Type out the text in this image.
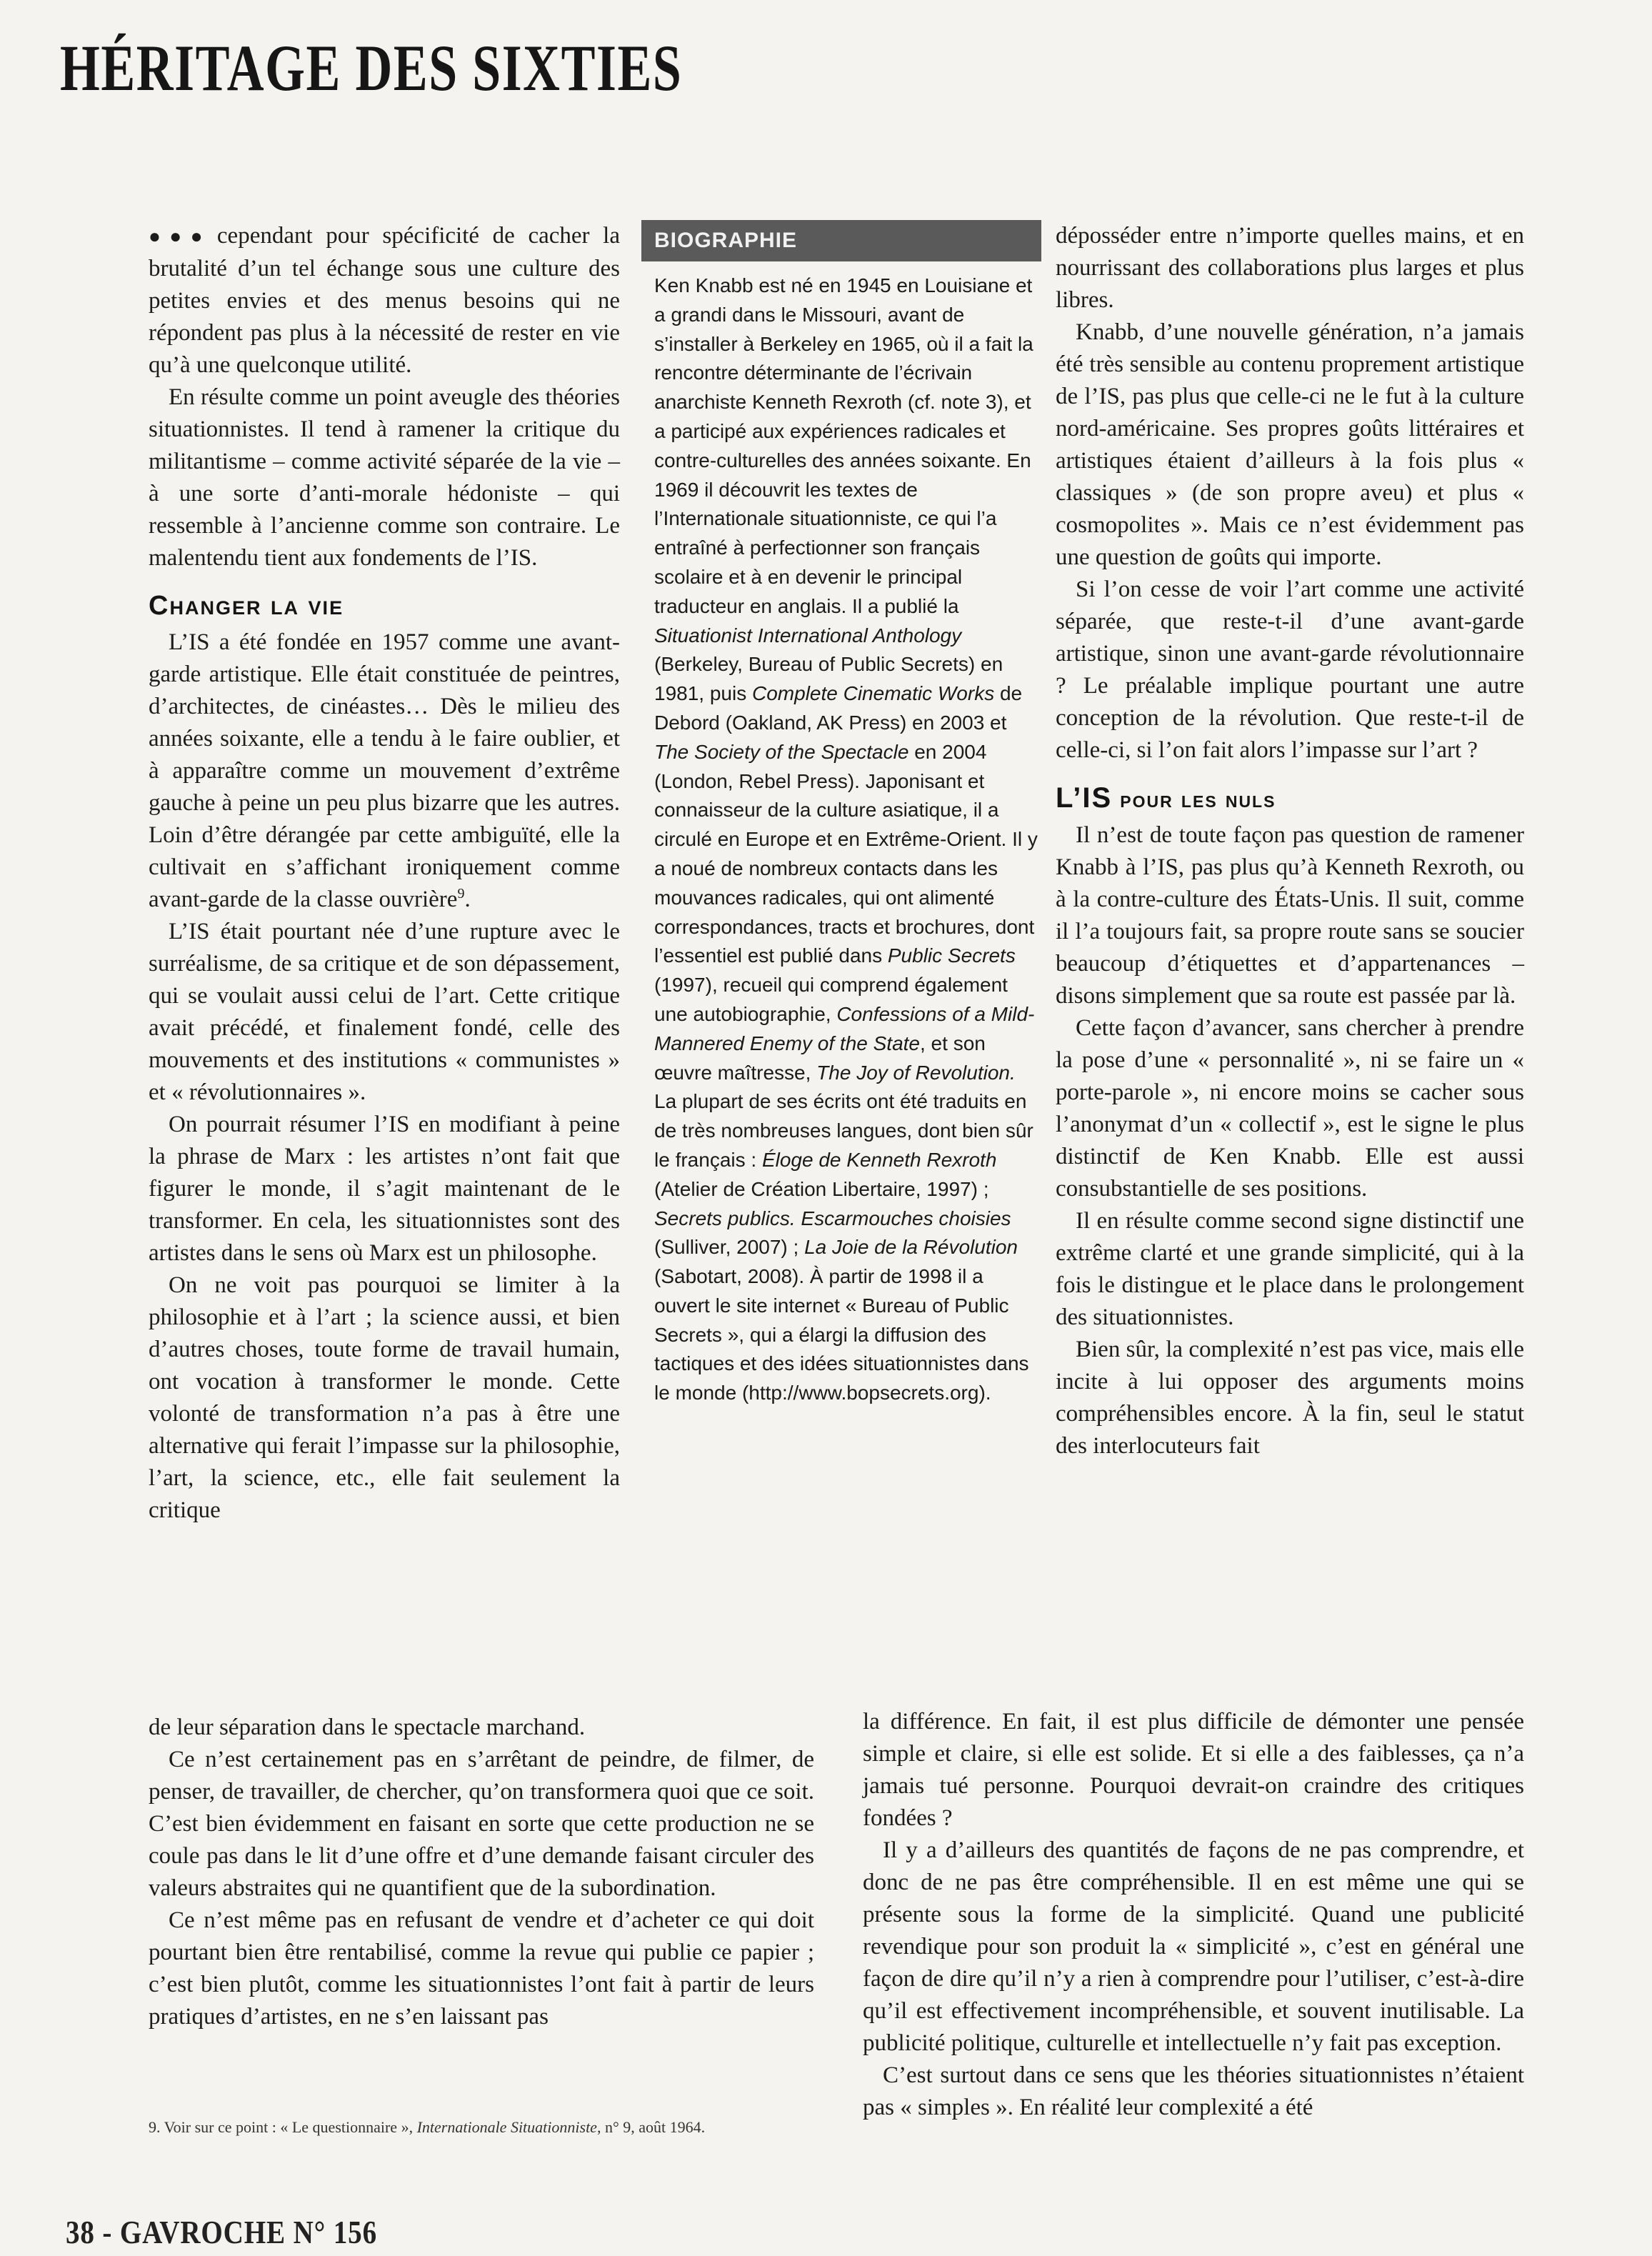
HÉRITAGE DES SIXTIES

●●● cependant pour spécificité de cacher la brutalité d’un tel échange sous une culture des petites envies et des menus besoins qui ne répondent pas plus à la nécessité de rester en vie qu’à une quelconque utilité.

En résulte comme un point aveugle des théories situationnistes. Il tend à ramener la critique du militantisme – comme activité séparée de la vie – à une sorte d’anti-morale hédoniste – qui ressemble à l’ancienne comme son contraire. Le malentendu tient aux fondements de l’IS.

Changer la vie

L’IS a été fondée en 1957 comme une avant-garde artistique. Elle était constituée de peintres, d’architectes, de cinéastes… Dès le milieu des années soixante, elle a tendu à le faire oublier, et à apparaître comme un mouvement d’extrême gauche à peine un peu plus bizarre que les autres. Loin d’être dérangée par cette ambiguïté, elle la cultivait en s’affichant ironiquement comme avant-garde de la classe ouvrière$^9$.

L’IS était pourtant née d’une rupture avec le surréalisme, de sa critique et de son dépassement, qui se voulait aussi celui de l’art. Cette critique avait précédé, et finalement fondé, celle des mouvements et des institutions « communistes » et « révolutionnaires ».

On pourrait résumer l’IS en modifiant à peine la phrase de Marx : les artistes n’ont fait que figurer le monde, il s’agit maintenant de le transformer. En cela, les situationnistes sont des artistes dans le sens où Marx est un philosophe.

On ne voit pas pourquoi se limiter à la philosophie et à l’art ; la science aussi, et bien d’autres choses, toute forme de travail humain, ont vocation à transformer le monde. Cette volonté de transformation n’a pas à être une alternative qui ferait l’impasse sur la philosophie, l’art, la science, etc., elle fait seulement la critique

BIOGRAPHIE
Ken Knabb est né en 1945 en Louisiane et a grandi dans le Missouri, avant de s’installer à Berkeley en 1965, où il a fait la rencontre déterminante de l’écrivain anarchiste Kenneth Rexroth (cf. note 3), et a participé aux expériences radicales et contre-culturelles des années soixante. En 1969 il découvrit les textes de l’Internationale situationniste, ce qui l’a entraîné à perfectionner son français scolaire et à en devenir le principal traducteur en anglais. Il a publié la Situationist International Anthology (Berkeley, Bureau of Public Secrets) en 1981, puis Complete Cinematic Works de Debord (Oakland, AK Press) en 2003 et The Society of the Spectacle en 2004 (London, Rebel Press). Japonisant et connaisseur de la culture asiatique, il a circulé en Europe et en Extrême-Orient. Il y a noué de nombreux contacts dans les mouvances radicales, qui ont alimenté correspondances, tracts et brochures, dont l’essentiel est publié dans Public Secrets (1997), recueil qui comprend également une autobiographie, Confessions of a Mild-Mannered Enemy of the State, et son œuvre maîtresse, The Joy of Revolution. La plupart de ses écrits ont été traduits en de très nombreuses langues, dont bien sûr le français : Éloge de Kenneth Rexroth (Atelier de Création Libertaire, 1997) ; Secrets publics. Escarmouches choisies (Sulliver, 2007) ; La Joie de la Révolution (Sabotart, 2008). À partir de 1998 il a ouvert le site internet « Bureau of Public Secrets », qui a élargi la diffusion des tactiques et des idées situationnistes dans le monde (http://www.bopsecrets.org).

déposséder entre n’importe quelles mains, et en nourrissant des collaborations plus larges et plus libres.

Knabb, d’une nouvelle génération, n’a jamais été très sensible au contenu proprement artistique de l’IS, pas plus que celle-ci ne le fut à la culture nord-américaine. Ses propres goûts littéraires et artistiques étaient d’ailleurs à la fois plus « classiques » (de son propre aveu) et plus « cosmopolites ». Mais ce n’est évidemment pas une question de goûts qui importe.

Si l’on cesse de voir l’art comme une activité séparée, que reste-t-il d’une avant-garde artistique, sinon une avant-garde révolutionnaire ? Le préalable implique pourtant une autre conception de la révolution. Que reste-t-il de celle-ci, si l’on fait alors l’impasse sur l’art ?

L’IS pour les nuls

Il n’est de toute façon pas question de ramener Knabb à l’IS, pas plus qu’à Kenneth Rexroth, ou à la contre-culture des États-Unis. Il suit, comme il l’a toujours fait, sa propre route sans se soucier beaucoup d’étiquettes et d’appartenances – disons simplement que sa route est passée par là.

Cette façon d’avancer, sans chercher à prendre la pose d’une « personnalité », ni se faire un « porte-parole », ni encore moins se cacher sous l’anonymat d’un « collectif », est le signe le plus distinctif de Ken Knabb. Elle est aussi consubstantielle de ses positions.

Il en résulte comme second signe distinctif une extrême clarté et une grande simplicité, qui à la fois le distingue et le place dans le prolongement des situationnistes.

Bien sûr, la complexité n’est pas vice, mais elle incite à lui opposer des arguments moins compréhensibles encore. À la fin, seul le statut des interlocuteurs fait

de leur séparation dans le spectacle marchand.

Ce n’est certainement pas en s’arrêtant de peindre, de filmer, de penser, de travailler, de chercher, qu’on transformera quoi que ce soit. C’est bien évidemment en faisant en sorte que cette production ne se coule pas dans le lit d’une offre et d’une demande faisant circuler des valeurs abstraites qui ne quantifient que de la subordination.

Ce n’est même pas en refusant de vendre et d’acheter ce qui doit pourtant bien être rentabilisé, comme la revue qui publie ce papier ; c’est bien plutôt, comme les situationnistes l’ont fait à partir de leurs pratiques d’artistes, en ne s’en laissant pas

la différence. En fait, il est plus difficile de démonter une pensée simple et claire, si elle est solide. Et si elle a des faiblesses, ça n’a jamais tué personne. Pourquoi devrait-on craindre des critiques fondées ?

Il y a d’ailleurs des quantités de façons de ne pas comprendre, et donc de ne pas être compréhensible. Il en est même une qui se présente sous la forme de la simplicité. Quand une publicité revendique pour son produit la « simplicité », c’est en général une façon de dire qu’il n’y a rien à comprendre pour l’utiliser, c’est-à-dire qu’il est effectivement incompréhensible, et souvent inutilisable. La publicité politique, culturelle et intellectuelle n’y fait pas exception.

C’est surtout dans ce sens que les théories situationnistes n’étaient pas « simples ». En réalité leur complexité a été

9. Voir sur ce point : « Le questionnaire », Internationale Situationniste, n° 9, août 1964.
38 - GAVROCHE N° 156
